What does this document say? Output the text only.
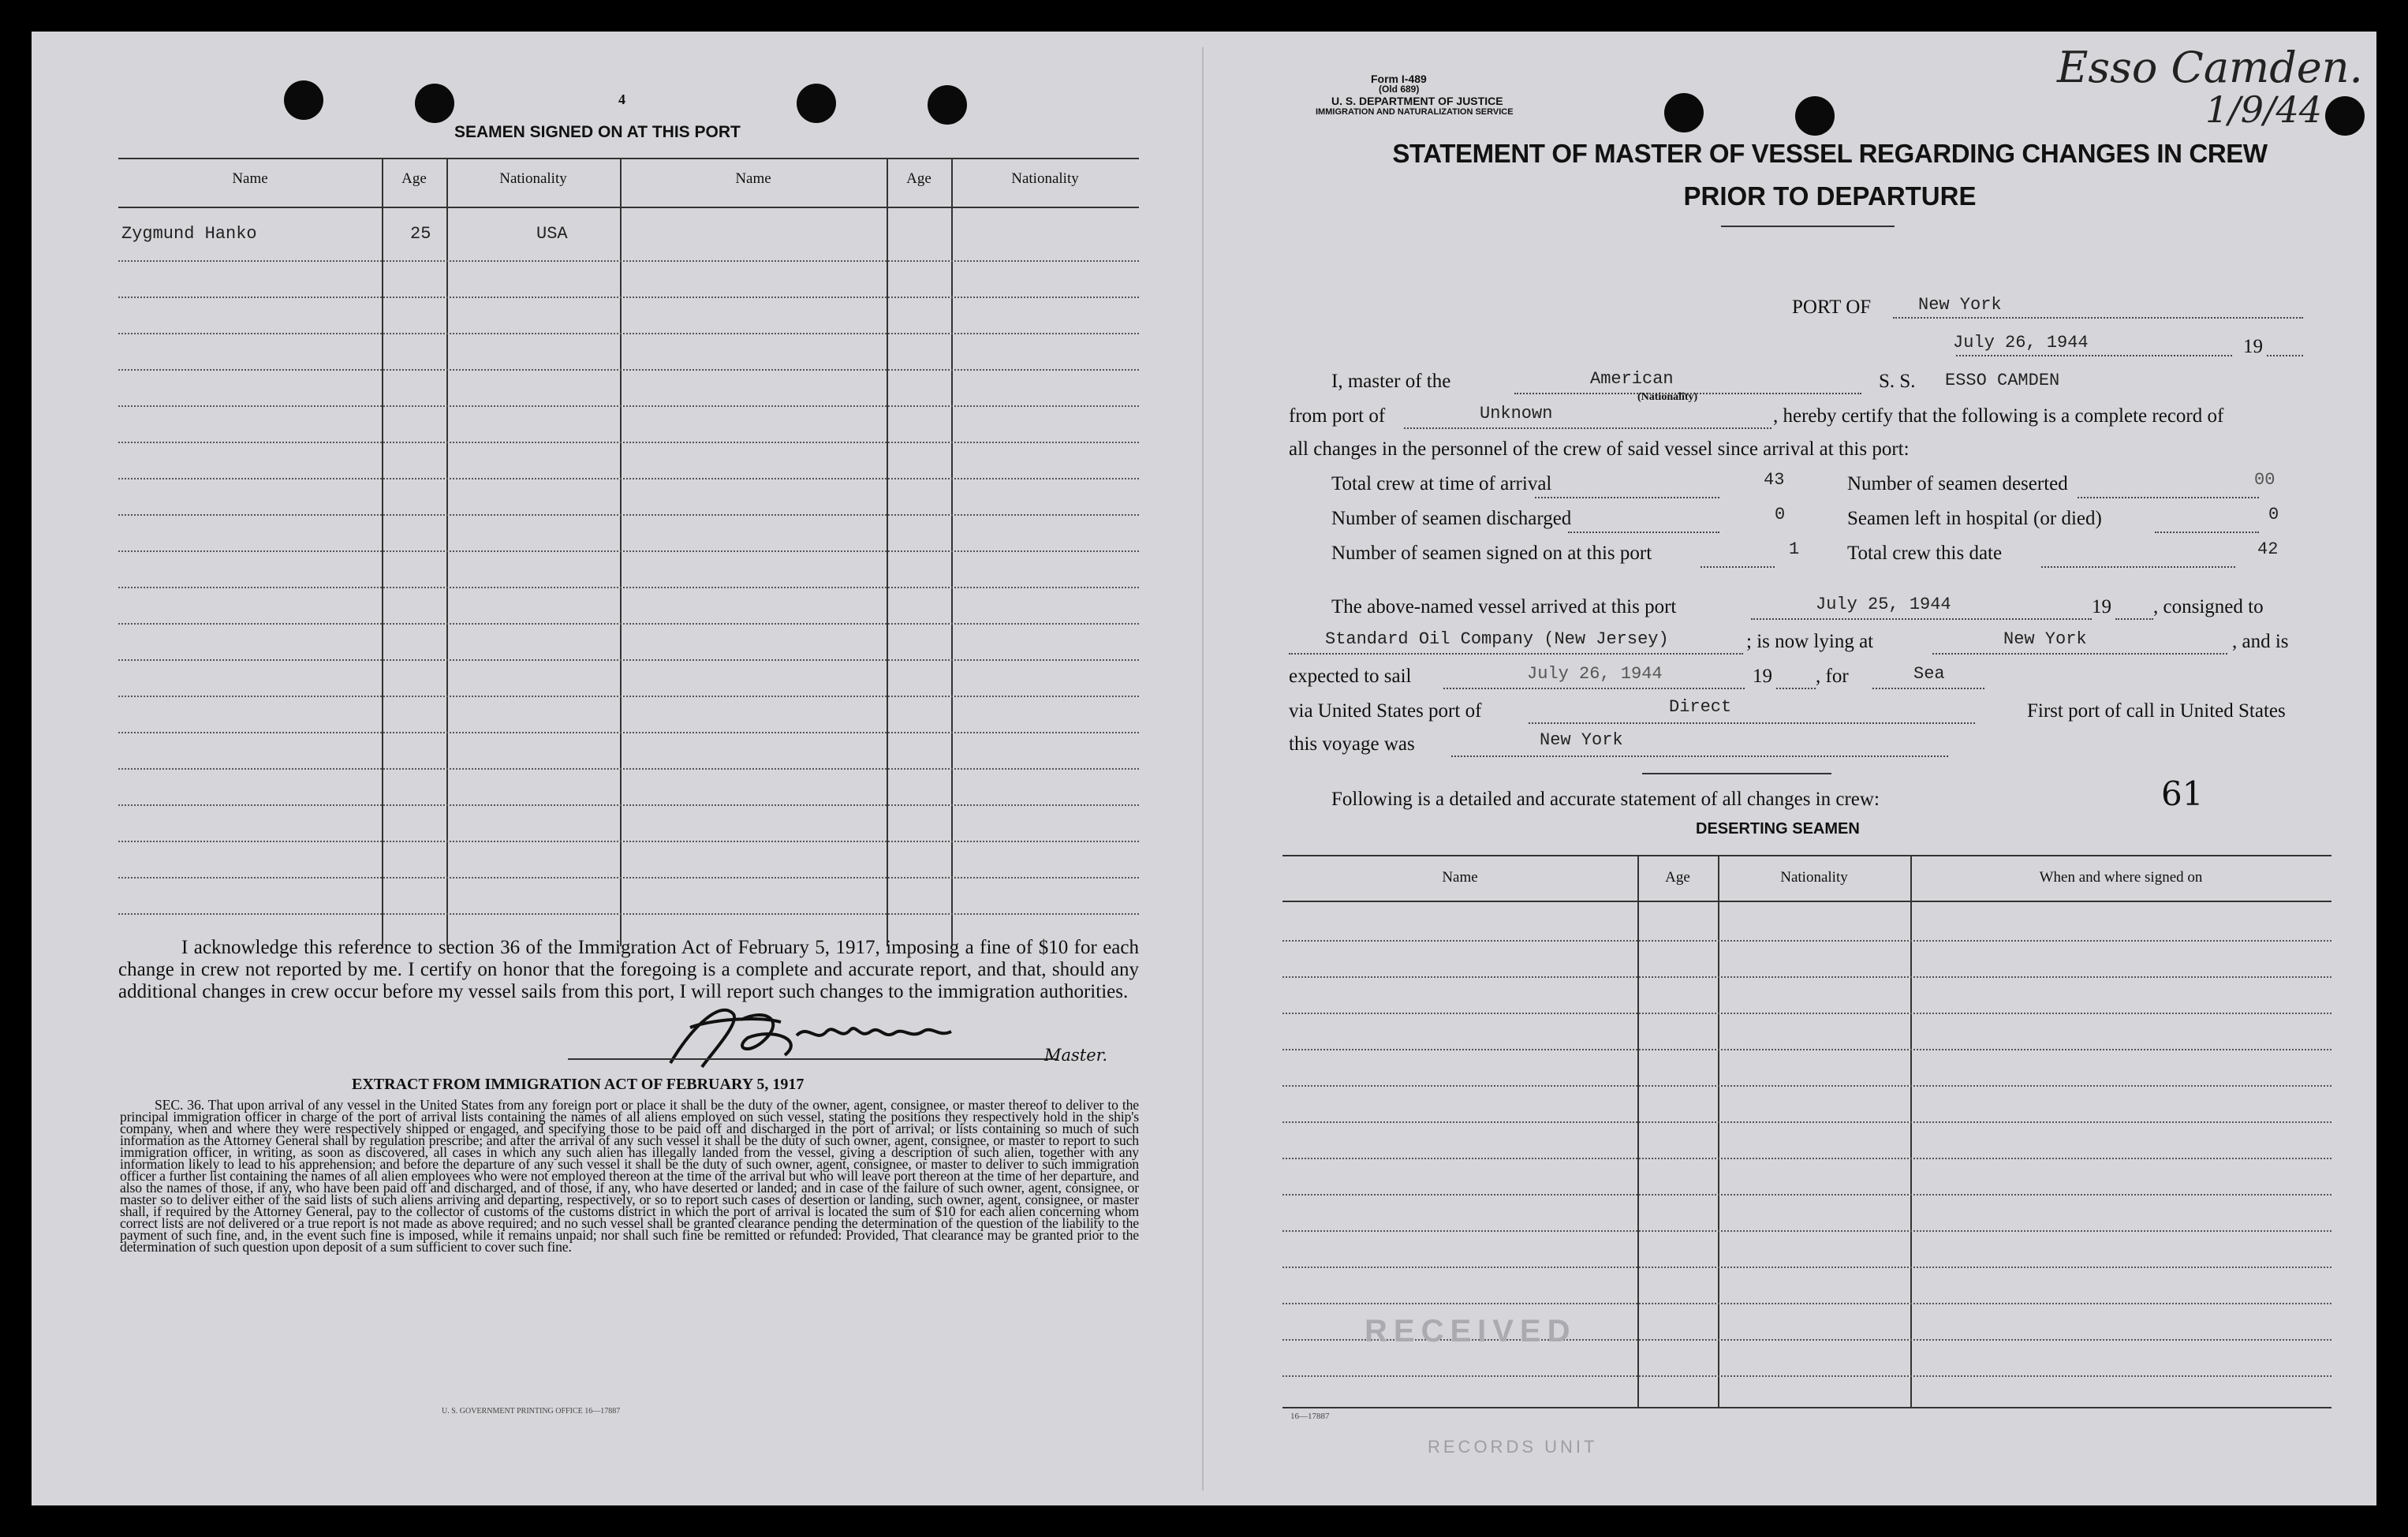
4
SEAMEN SIGNED ON AT THIS PORT
Name	Age	Nationality	Name	Age	Nationality
Zygmund Hanko	25	USA
I acknowledge this reference to section 36 of the Immigration Act of February 5, 1917, imposing a fine of $10 for each change in crew not reported by me. I certify on honor that the foregoing is a complete and accurate report, and that, should any additional changes in crew occur before my vessel sails from this port, I will report such changes to the immigration authorities.
Master.
EXTRACT FROM IMMIGRATION ACT OF FEBRUARY 5, 1917
SEC. 36. That upon arrival of any vessel in the United States from any foreign port or place it shall be the duty of the owner, agent, consignee, or master thereof to deliver to the principal immigration officer in charge of the port of arrival lists containing the names of all aliens employed on such vessel, stating the positions they respectively hold in the ship's company, when and where they were respectively shipped or engaged, and specifying those to be paid off and discharged in the port of arrival; or lists containing so much of such information as the Attorney General shall by regulation prescribe; and after the arrival of any such vessel it shall be the duty of such owner, agent, consignee, or master to report to such immigration officer, in writing, as soon as discovered, all cases in which any such alien has illegally landed from the vessel, giving a description of such alien, together with any information likely to lead to his apprehension; and before the departure of any such vessel it shall be the duty of such owner, agent, consignee, or master to deliver to such immigration officer a further list containing the names of all alien employees who were not employed thereon at the time of the arrival but who will leave port thereon at the time of her departure, and also the names of those, if any, who have been paid off and discharged, and of those, if any, who have deserted or landed; and in case of the failure of such owner, agent, consignee, or master so to deliver either of the said lists of such aliens arriving and departing, respectively, or so to report such cases of desertion or landing, such owner, agent, consignee, or master shall, if required by the Attorney General, pay to the collector of customs of the customs district in which the port of arrival is located the sum of $10 for each alien concerning whom correct lists are not delivered or a true report is not made as above required; and no such vessel shall be granted clearance pending the determination of the question of the liability to the payment of such fine, and, in the event such fine is imposed, while it remains unpaid; nor shall such fine be remitted or refunded: Provided, That clearance may be granted prior to the determination of such question upon deposit of a sum sufficient to cover such fine.
U. S. GOVERNMENT PRINTING OFFICE 16—17887
Form I-489
(Old 689)
U. S. DEPARTMENT OF JUSTICE
IMMIGRATION AND NATURALIZATION SERVICE
Esso Camden.
1/9/44
STATEMENT OF MASTER OF VESSEL REGARDING CHANGES IN CREW
PRIOR TO DEPARTURE
PORT OF	New York
July 26, 1944	19
I, master of the	American
(Nationality)
S. S. ESSO CAMDEN
from port of	Unknown	, hereby certify that the following is a complete record of
all changes in the personnel of the crew of said vessel since arrival at this port:
Total crew at time of arrival	43	Number of seamen deserted	00
Number of seamen discharged	0	Seamen left in hospital (or died)	0
Number of seamen signed on at this port	1 Total crew this date	42
The above-named vessel arrived at this port	July 25, 1944	19 , consigned to
Standard Oil Company (New Jersey)	; is now lying at	New York	, and is
expected to sail	July 26, 1944	19 , for	Sea
via United States port of	Direct	First port of call in United States
this voyage was	New York
Following is a detailed and accurate statement of all changes in crew:	61
DESERTING SEAMEN
Name	Age	Nationality	When and where signed on
RECEIVED
16—17887
RECORDS UNIT
